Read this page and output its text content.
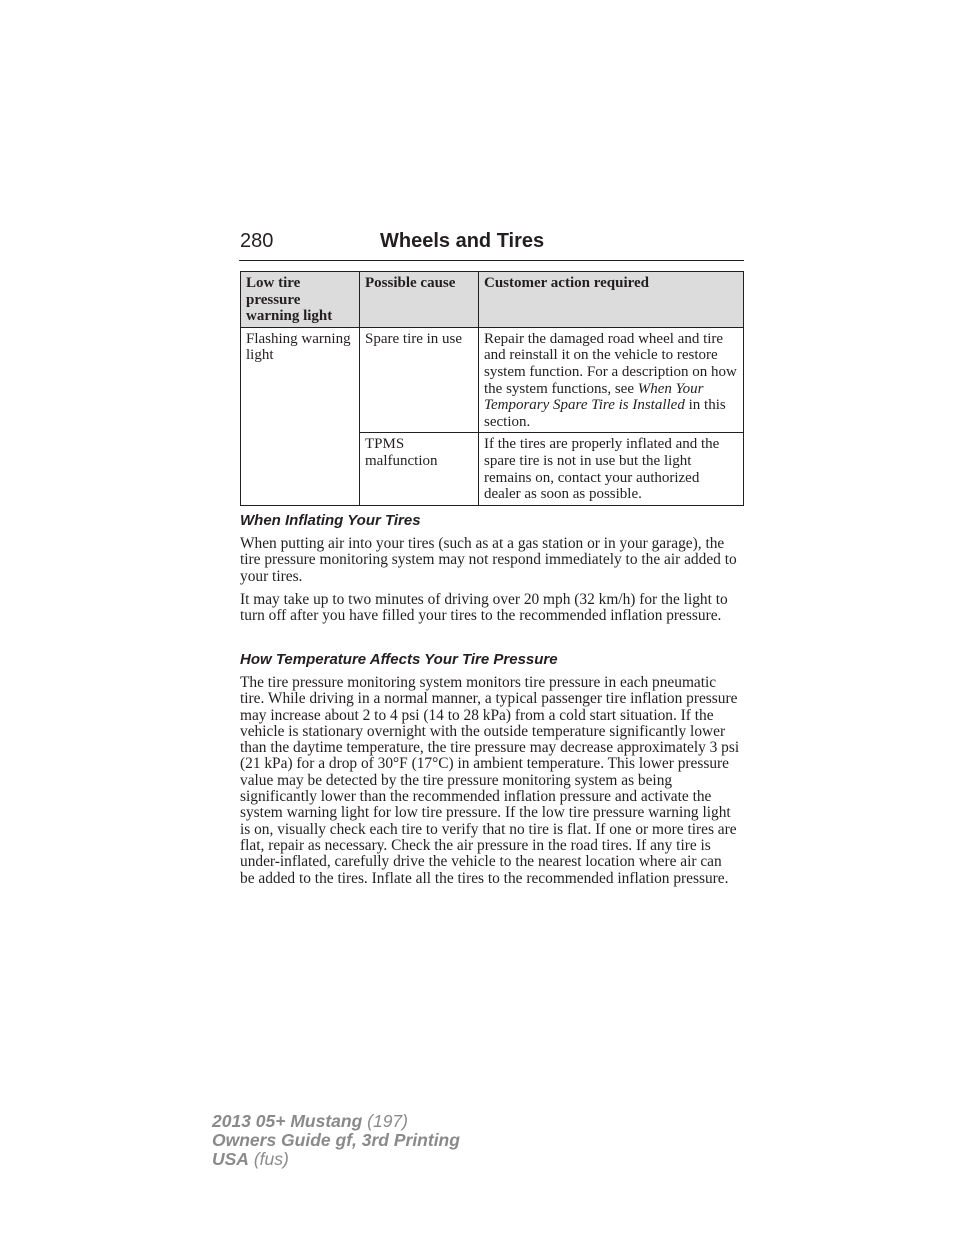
280	Wheels and Tires
Low tire pressure warning light	Possible cause	Customer action required
Flashing warning light	Spare tire in use	Repair the damaged road wheel and tire and reinstall it on the vehicle to restore system function. For a description on how the system functions, see When Your Temporary Spare Tire is Installed in this section.
	TPMS malfunction	If the tires are properly inflated and the spare tire is not in use but the light remains on, contact your authorized dealer as soon as possible.
When Inflating Your Tires

When putting air into your tires (such as at a gas station or in your garage), the tire pressure monitoring system may not respond immediately to the air added to your tires.

It may take up to two minutes of driving over 20 mph (32 km/h) for the light to turn off after you have filled your tires to the recommended inflation pressure.

How Temperature Affects Your Tire Pressure

The tire pressure monitoring system monitors tire pressure in each pneumatic tire. While driving in a normal manner, a typical passenger tire inflation pressure may increase about 2 to 4 psi (14 to 28 kPa) from a cold start situation. If the vehicle is stationary overnight with the outside temperature significantly lower than the daytime temperature, the tire pressure may decrease approximately 3 psi (21 kPa) for a drop of 30°F (17°C) in ambient temperature. This lower pressure value may be detected by the tire pressure monitoring system as being significantly lower than the recommended inflation pressure and activate the system warning light for low tire pressure. If the low tire pressure warning light is on, visually check each tire to verify that no tire is flat. If one or more tires are flat, repair as necessary. Check the air pressure in the road tires. If any tire is under-inflated, carefully drive the vehicle to the nearest location where air can be added to the tires. Inflate all the tires to the recommended inflation pressure.

2013 05+ Mustang (197)
Owners Guide gf, 3rd Printing
USA (fus)
